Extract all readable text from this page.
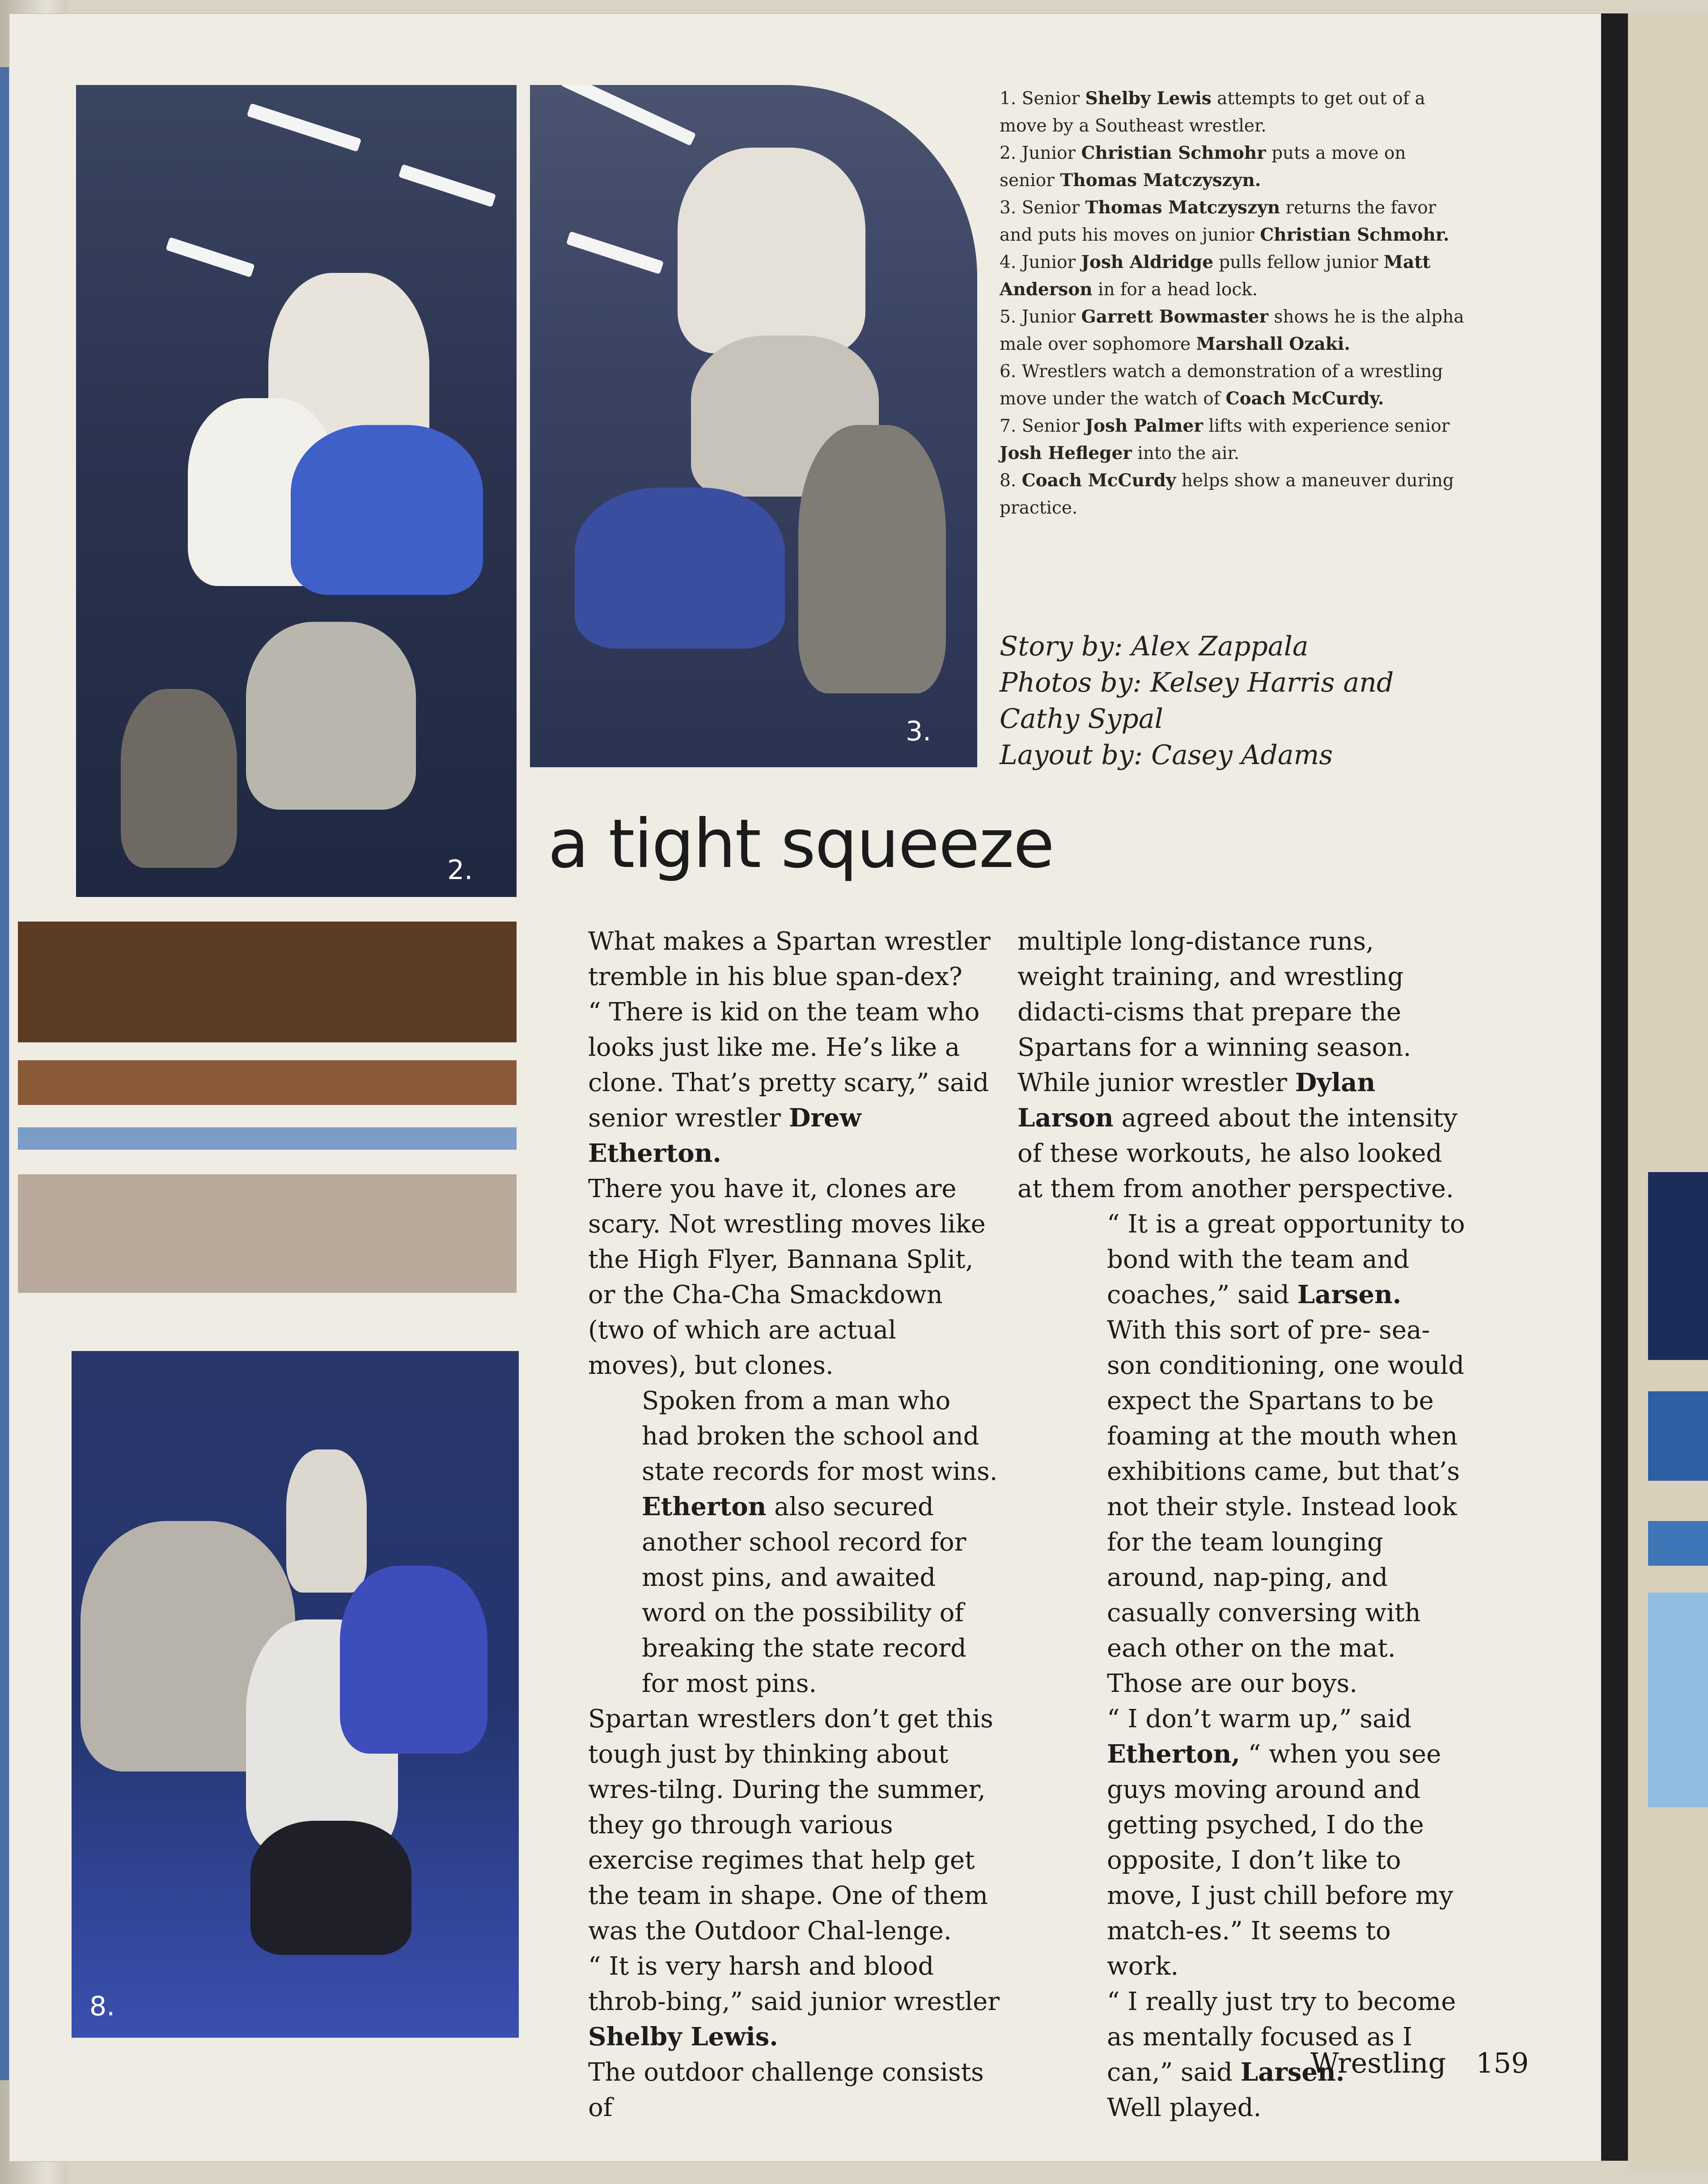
2.
3.
8.

1. Senior Shelby Lewis attempts to get out of a move by a Southeast wrestler.

2. Junior Christian Schmohr puts a move on senior Thomas Matczyszyn.

3. Senior Thomas Matczyszyn returns the favor and puts his moves on junior Christian Schmohr.

4. Junior Josh Aldridge pulls fellow junior Matt Anderson in for a head lock.

5. Junior Garrett Bowmaster shows he is the alpha male over sophomore Marshall Ozaki.

6. Wrestlers watch a demonstration of a wrestling move under the watch of Coach McCurdy.

7. Senior Josh Palmer lifts with experience senior Josh Hefleger into the air.

8. Coach McCurdy helps show a maneuver during practice.

Story by: Alex Zappala
Photos by: Kelsey Harris and
Cathy Sypal
Layout by: Casey Adams
a tight squeeze

What makes a Spartan wrestler tremble in his blue span-dex?

“ There is kid on the team who looks just like me. He’s like a clone. That’s pretty scary,” said senior wrestler Drew Etherton.

There you have it, clones are scary. Not wrestling moves like the High Flyer, Bannana Split, or the Cha-Cha Smackdown (two of which are actual moves), but clones.

Spoken from a man who had broken the school and state records for most wins. Etherton also secured another school record for most pins, and awaited word on the possibility of breaking the state record for most pins.

Spartan wrestlers don’t get this tough just by thinking about wres-tilng. During the summer, they go through various exercise regimes that help get the team in shape. One of them was the Outdoor Chal-lenge.

“ It is very harsh and blood throb-bing,” said junior wrestler Shelby Lewis.

The outdoor challenge consists of

multiple long-distance runs, weight training, and wrestling didacti-cisms that prepare the Spartans for a winning season. While junior wrestler Dylan Larson agreed about the intensity of these workouts, he also looked at them from another perspective.

“ It is a great opportunity to bond with the team and coaches,” said Larsen.

With this sort of pre- sea-son conditioning, one would expect the Spartans to be foaming at the mouth when exhibitions came, but that’s not their style. Instead look for the team lounging around, nap-ping, and casually conversing with each other on the mat. Those are our boys.

“ I don’t warm up,” said Etherton, “ when you see guys moving around and getting psyched, I do the opposite, I don’t like to move, I just chill before my match-es.” It seems to work.

“ I really just try to become as mentally focused as I can,” said Larsen.

Well played.

Wrestling 159
